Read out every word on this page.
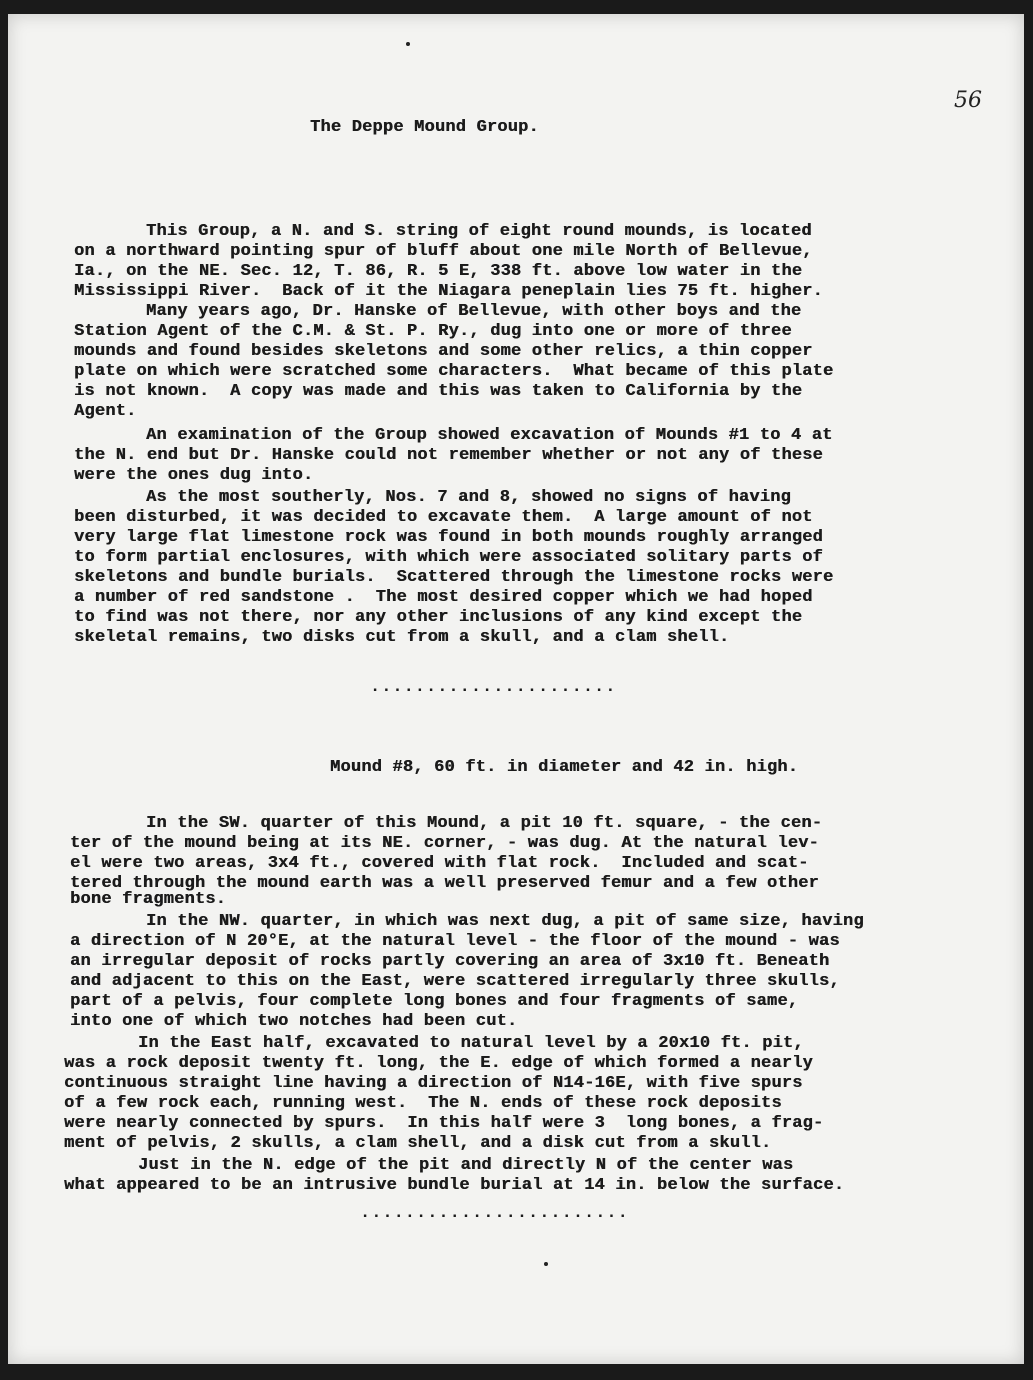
56
The Deppe Mound Group.
This Group, a N. and S. string of eight round mounds, is located
on a northward pointing spur of bluff about one mile North of Bellevue,
Ia., on the NE. Sec. 12, T. 86, R. 5 E, 338 ft. above low water in the
Mississippi River.  Back of it the Niagara peneplain lies 75 ft. higher.
Many years ago, Dr. Hanske of Bellevue, with other boys and the
Station Agent of the C.M. & St. P. Ry., dug into one or more of three
mounds and found besides skeletons and some other relics, a thin copper
plate on which were scratched some characters.  What became of this plate
is not known.  A copy was made and this was taken to California by the
Agent.
An examination of the Group showed excavation of Mounds #1 to 4 at
the N. end but Dr. Hanske could not remember whether or not any of these
were the ones dug into.
As the most southerly, Nos. 7 and 8, showed no signs of having
been disturbed, it was decided to excavate them.  A large amount of not
very large flat limestone rock was found in both mounds roughly arranged
to form partial enclosures, with which were associated solitary parts of
skeletons and bundle burials.  Scattered through the limestone rocks were
a number of red sandstone .  The most desired copper which we had hoped
to find was not there, nor any other inclusions of any kind except the
skeletal remains, two disks cut from a skull, and a clam shell.
......................
Mound #8, 60 ft. in diameter and 42 in. high.
In the SW. quarter of this Mound, a pit 10 ft. square, - the cen-
ter of the mound being at its NE. corner, - was dug. At the natural lev-
el were two areas, 3x4 ft., covered with flat rock.  Included and scat-
tered through the mound earth was a well preserved femur and a few other
bone fragments.
In the NW. quarter, in which was next dug, a pit of same size, having
a direction of N 20°E, at the natural level - the floor of the mound - was
an irregular deposit of rocks partly covering an area of 3x10 ft. Beneath
and adjacent to this on the East, were scattered irregularly three skulls,
part of a pelvis, four complete long bones and four fragments of same,
into one of which two notches had been cut.
In the East half, excavated to natural level by a 20x10 ft. pit,
was a rock deposit twenty ft. long, the E. edge of which formed a nearly
continuous straight line having a direction of N14-16E, with five spurs
of a few rock each, running west.  The N. ends of these rock deposits
were nearly connected by spurs.  In this half were 3  long bones, a frag-
ment of pelvis, 2 skulls, a clam shell, and a disk cut from a skull.
Just in the N. edge of the pit and directly N of the center was
what appeared to be an intrusive bundle burial at 14 in. below the surface.
........................
